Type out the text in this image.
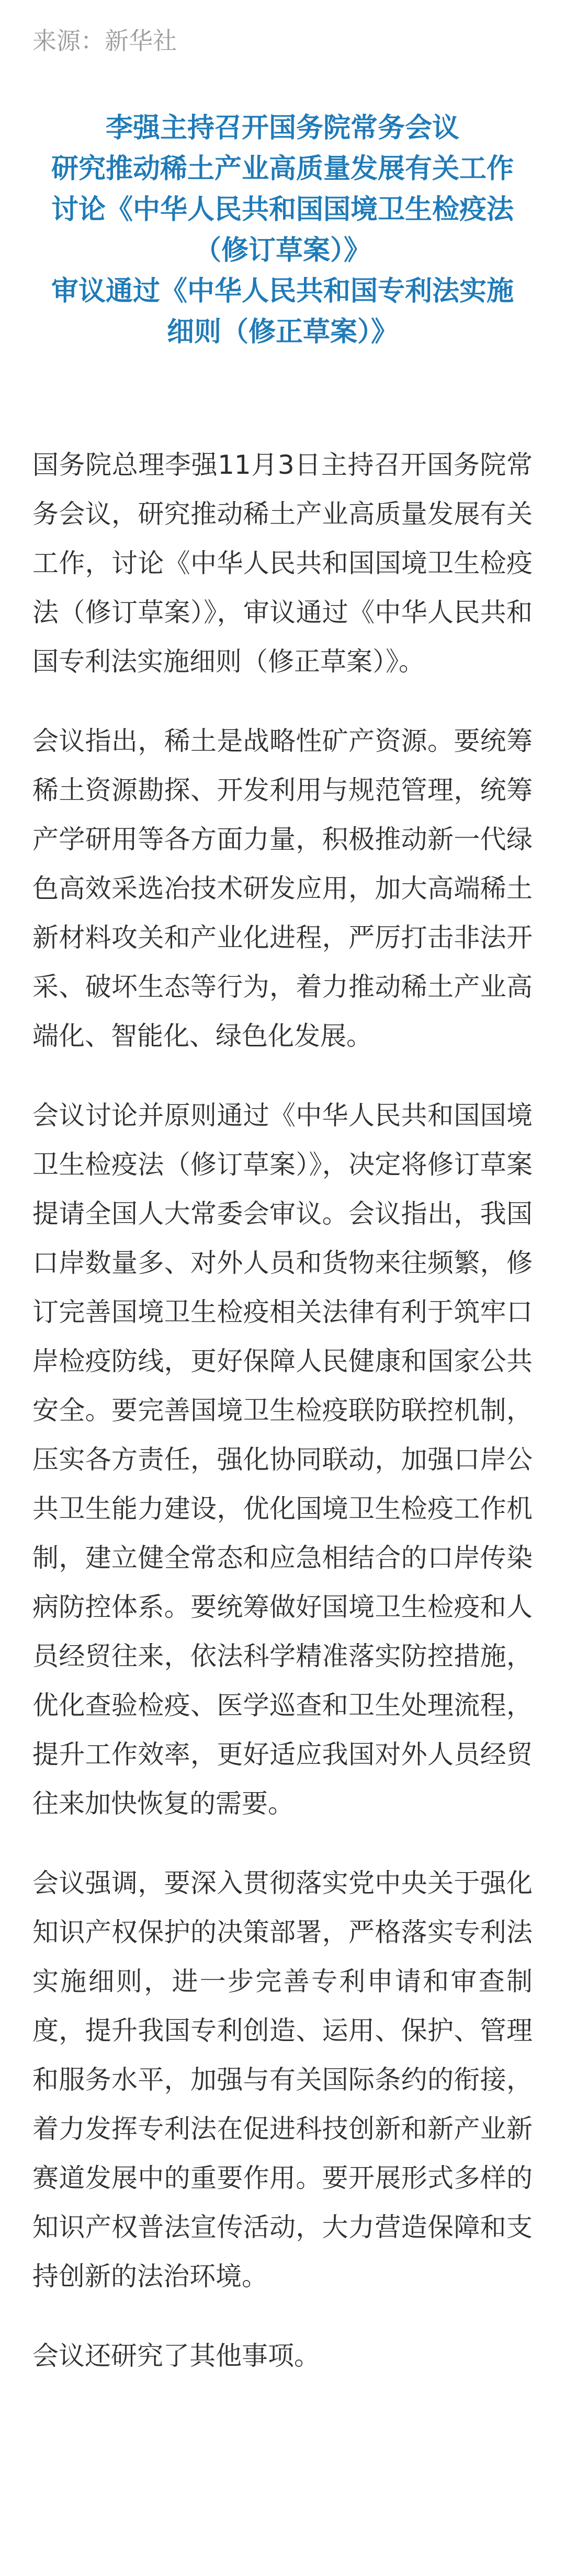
来源：新华社
李强主持召开国务院常务会议
研究推动稀土产业高质量发展有关工作
讨论《中华人民共和国国境卫生检疫法
（修订草案）》
审议通过《中华人民共和国专利法实施
细则（修正草案）》

国务院总理李强11月3日主持召开国务院常务会议，研究推动稀土产业高质量发展有关工作，讨论《中华人民共和国国境卫生检疫法（修订草案）》，审议通过《中华人民共和国专利法实施细则（修正草案）》。

会议指出，稀土是战略性矿产资源。要统筹稀土资源勘探、开发利用与规范管理，统筹产学研用等各方面力量，积极推动新一代绿色高效采选冶技术研发应用，加大高端稀土新材料攻关和产业化进程，严厉打击非法开采、破坏生态等行为，着力推动稀土产业高端化、智能化、绿色化发展。

会议讨论并原则通过《中华人民共和国国境卫生检疫法（修订草案）》，决定将修订草案提请全国人大常委会审议。会议指出，我国口岸数量多、对外人员和货物来往频繁，修订完善国境卫生检疫相关法律有利于筑牢口岸检疫防线，更好保障人民健康和国家公共安全。要完善国境卫生检疫联防联控机制，压实各方责任，强化协同联动，加强口岸公共卫生能力建设，优化国境卫生检疫工作机制，建立健全常态和应急相结合的口岸传染病防控体系。要统筹做好国境卫生检疫和人员经贸往来，依法科学精准落实防控措施，优化查验检疫、医学巡查和卫生处理流程，提升工作效率，更好适应我国对外人员经贸往来加快恢复的需要。

会议强调，要深入贯彻落实党中央关于强化知识产权保护的决策部署，严格落实专利法实施细则，进一步完善专利申请和审查制度，提升我国专利创造、运用、保护、管理和服务水平，加强与有关国际条约的衔接，着力发挥专利法在促进科技创新和新产业新赛道发展中的重要作用。要开展形式多样的知识产权普法宣传活动，大力营造保障和支持创新的法治环境。

会议还研究了其他事项。
